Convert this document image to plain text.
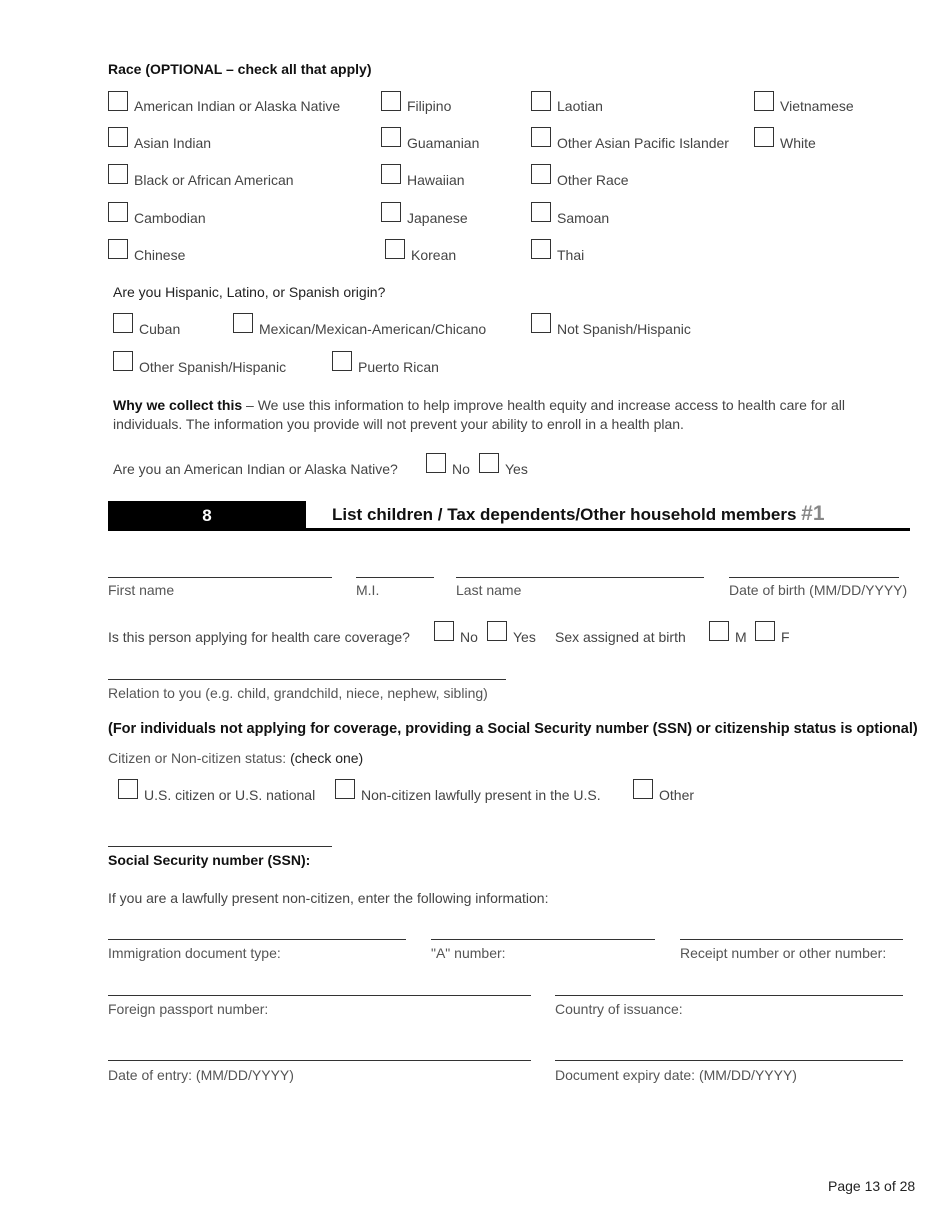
Race (OPTIONAL – check all that apply)
American Indian or Alaska Native	Filipino	Laotian	Vietnamese
Asian Indian	Guamanian	Other Asian Pacific Islander	White
Black or African American	Hawaiian	Other Race
Cambodian	Japanese	Samoan
Chinese	Korean	Thai
Are you Hispanic, Latino, or Spanish origin?
Cuban	Mexican/Mexican-American/Chicano	Not Spanish/Hispanic
Other Spanish/Hispanic	Puerto Rican
Why we collect this – We use this information to help improve health equity and increase access to health care for all individuals. The information you provide will not prevent your ability to enroll in a health plan.
Are you an American Indian or Alaska Native?	No	Yes
8	List children / Tax dependents/Other household members #1
First name	M.I.	Last name	Date of birth (MM/DD/YYYY)
Is this person applying for health care coverage?	No	Yes Sex assigned at birth	M F
Relation to you (e.g. child, grandchild, niece, nephew, sibling)
(For individuals not applying for coverage, providing a Social Security number (SSN) or citizenship status is optional)
Citizen or Non-citizen status: (check one)
U.S. citizen or U.S. national	Non-citizen lawfully present in the U.S.	Other
Social Security number (SSN):
If you are a lawfully present non-citizen, enter the following information:
Immigration document type:	"A" number:	Receipt number or other number:
Foreign passport number:	Country of issuance:
Date of entry: (MM/DD/YYYY)	Document expiry date: (MM/DD/YYYY)
Page 13 of 28
